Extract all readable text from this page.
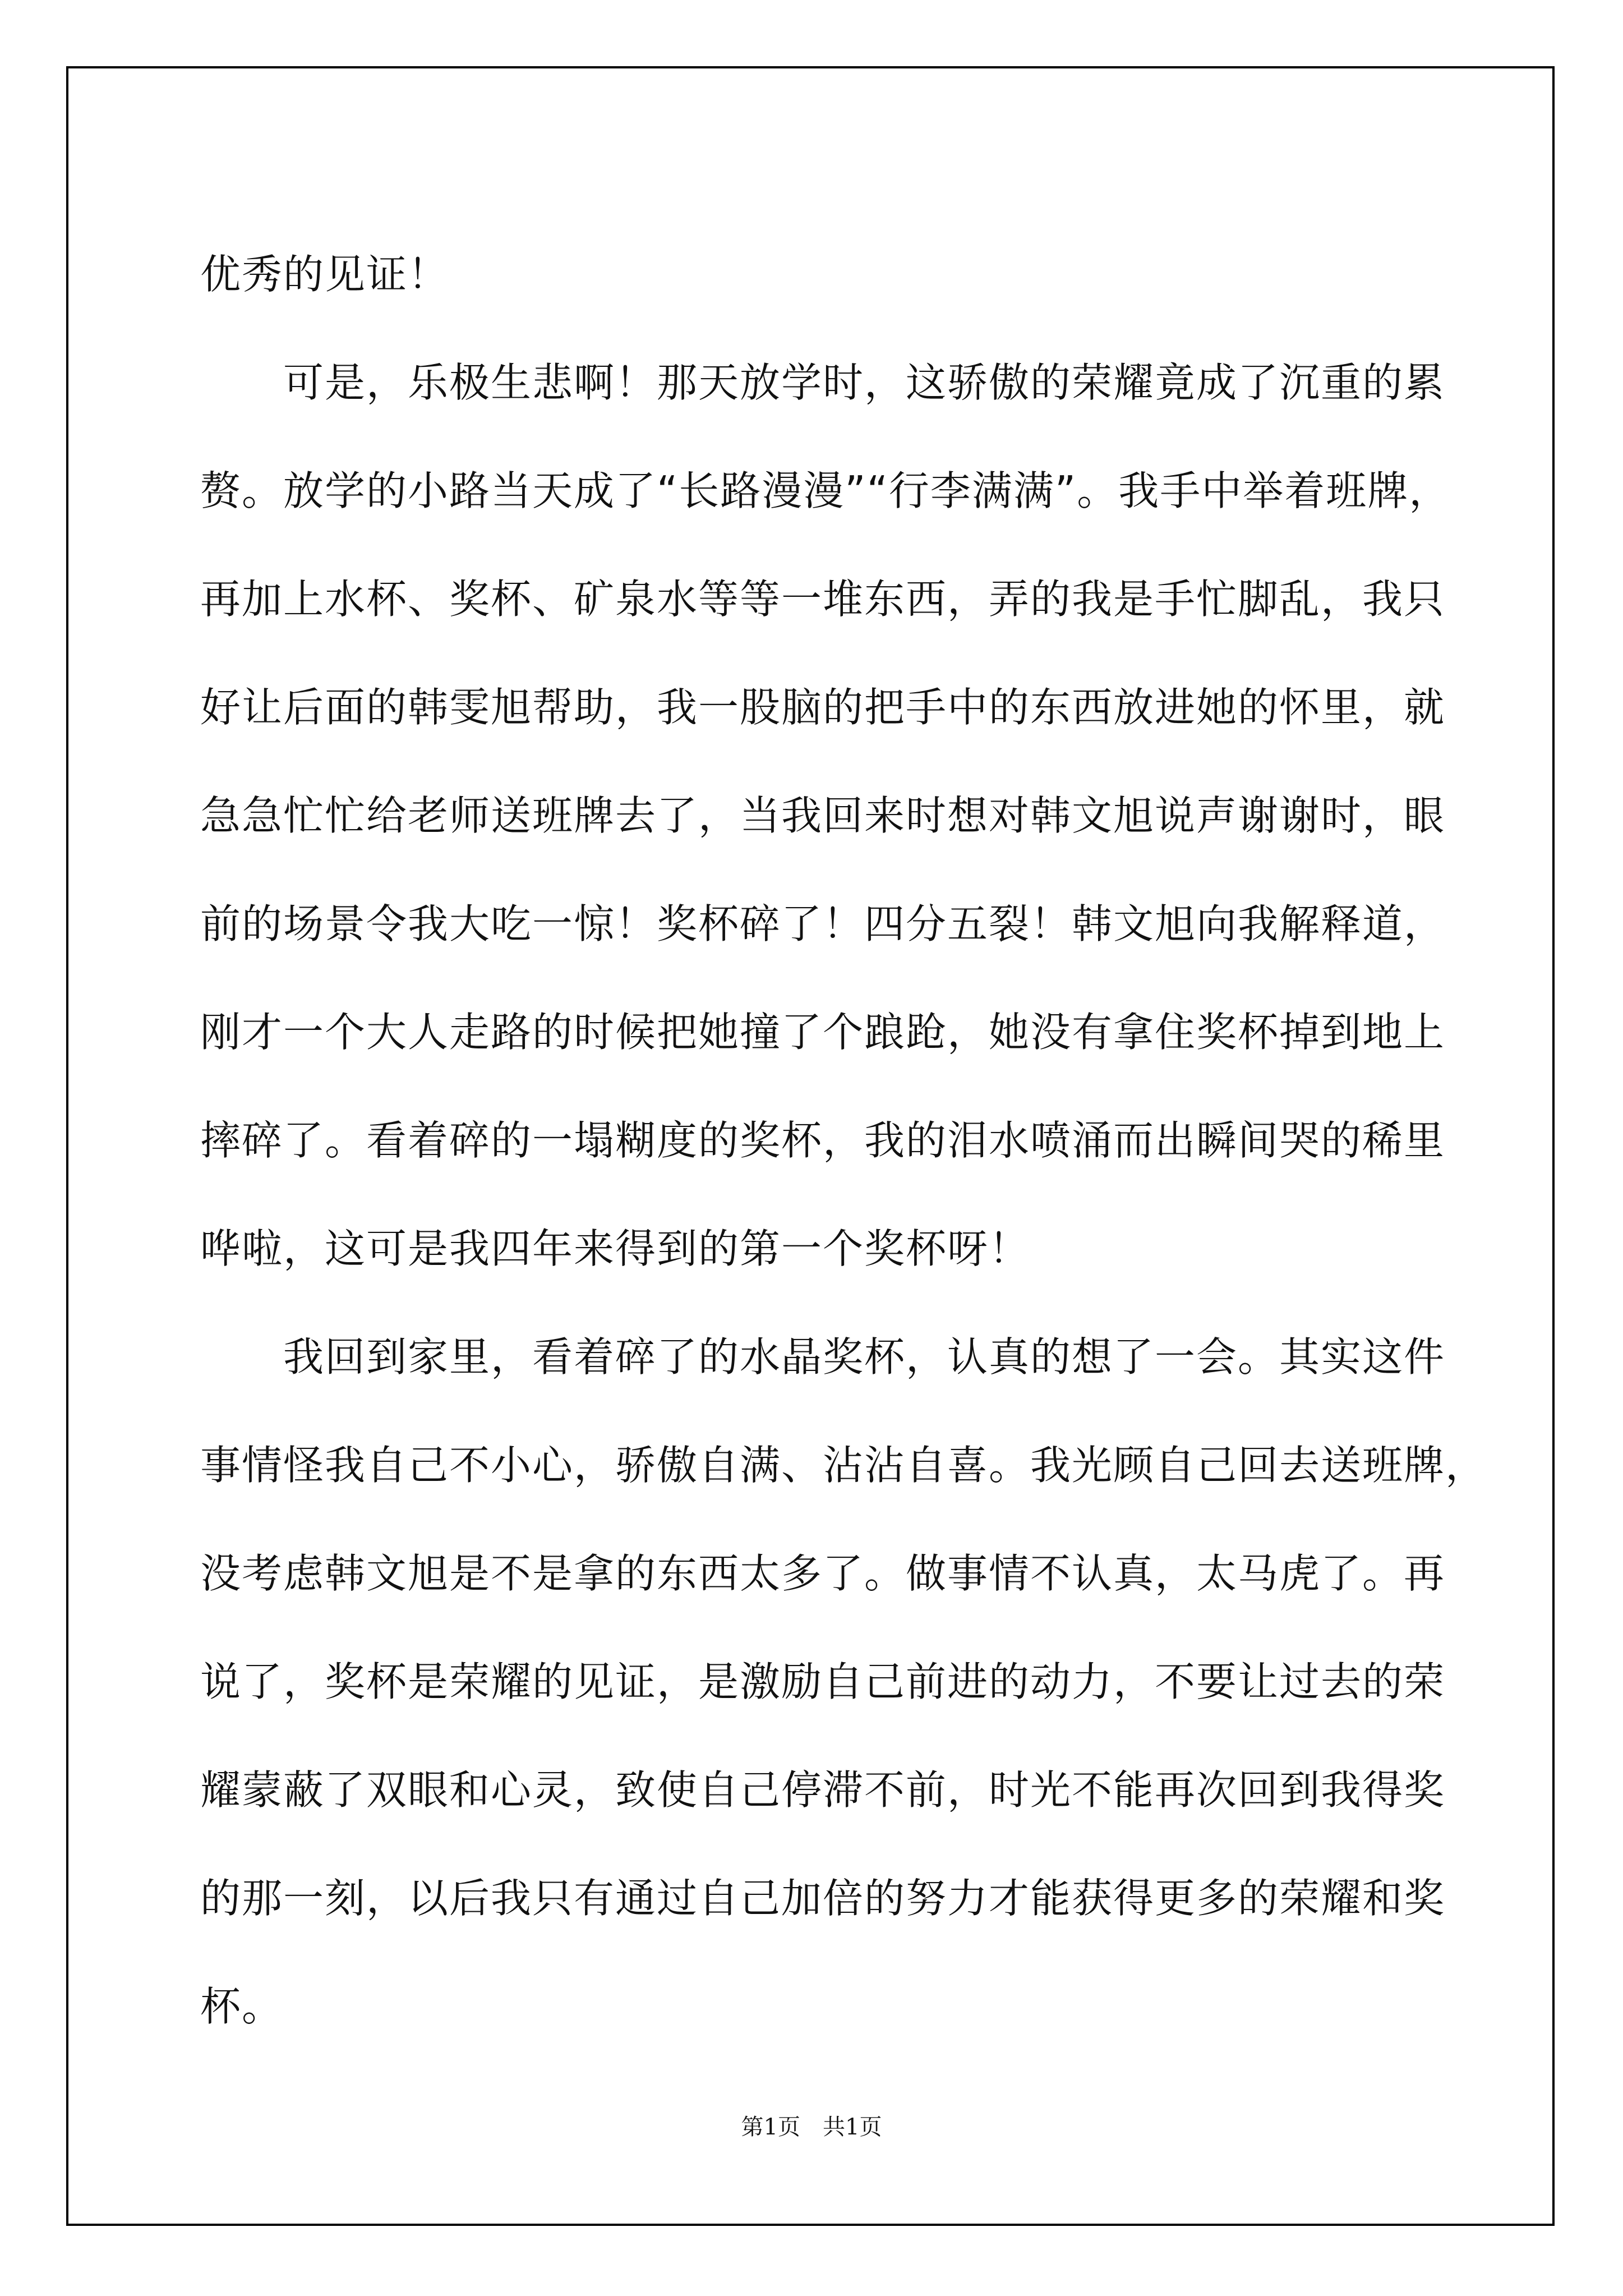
优秀的见证！
　　可是，乐极生悲啊！那天放学时，这骄傲的荣耀竟成了沉重的累
赘。放学的小路当天成了“长路漫漫”“行李满满”。我手中举着班牌，
再加上水杯、奖杯、矿泉水等等一堆东西，弄的我是手忙脚乱，我只
好让后面的韩雯旭帮助，我一股脑的把手中的东西放进她的怀里，就
急急忙忙给老师送班牌去了，当我回来时想对韩文旭说声谢谢时，眼
前的场景令我大吃一惊！奖杯碎了！四分五裂！韩文旭向我解释道，
刚才一个大人走路的时候把她撞了个踉跄，她没有拿住奖杯掉到地上
摔碎了。看着碎的一塌糊度的奖杯，我的泪水喷涌而出瞬间哭的稀里
哗啦，这可是我四年来得到的第一个奖杯呀！
　　我回到家里，看着碎了的水晶奖杯，认真的想了一会。其实这件
事情怪我自己不小心，骄傲自满、沾沾自喜。我光顾自己回去送班牌，
没考虑韩文旭是不是拿的东西太多了。做事情不认真，太马虎了。再
说了，奖杯是荣耀的见证，是激励自己前进的动力，不要让过去的荣
耀蒙蔽了双眼和心灵，致使自己停滞不前，时光不能再次回到我得奖
的那一刻，以后我只有通过自己加倍的努力才能获得更多的荣耀和奖
杯。
第1页　共1页
